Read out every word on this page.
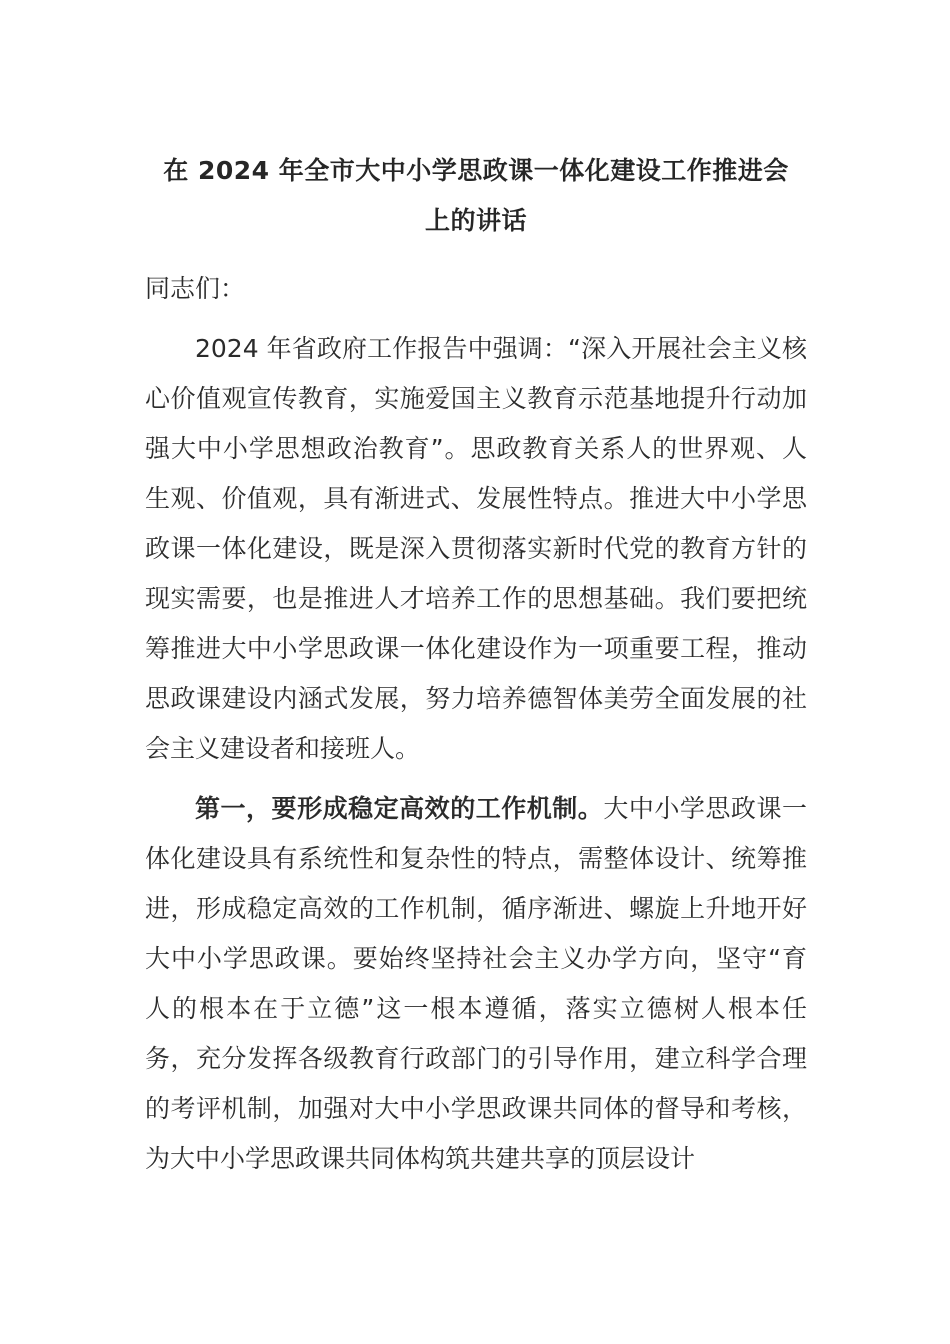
在 2024 年全市大中小学思政课一体化建设工作推进会上的讲话

同志们：

2024 年省政府工作报告中强调：“深入开展社会主义核心价值观宣传教育，实施爱国主义教育示范基地提升行动加强大中小学思想政治教育”。思政教育关系人的世界观、人生观、价值观，具有渐进式、发展性特点。推进大中小学思政课一体化建设，既是深入贯彻落实新时代党的教育方针的现实需要，也是推进人才培养工作的思想基础。我们要把统筹推进大中小学思政课一体化建设作为一项重要工程，推动思政课建设内涵式发展，努力培养德智体美劳全面发展的社会主义建设者和接班人。

第一，要形成稳定高效的工作机制。大中小学思政课一体化建设具有系统性和复杂性的特点，需整体设计、统筹推进，形成稳定高效的工作机制，循序渐进、螺旋上升地开好大中小学思政课。要始终坚持社会主义办学方向，坚守“育人的根本在于立德”这一根本遵循，落实立德树人根本任务，充分发挥各级教育行政部门的引导作用，建立科学合理的考评机制，加强对大中小学思政课共同体的督导和考核，为大中小学思政课共同体构筑共建共享的顶层设计
